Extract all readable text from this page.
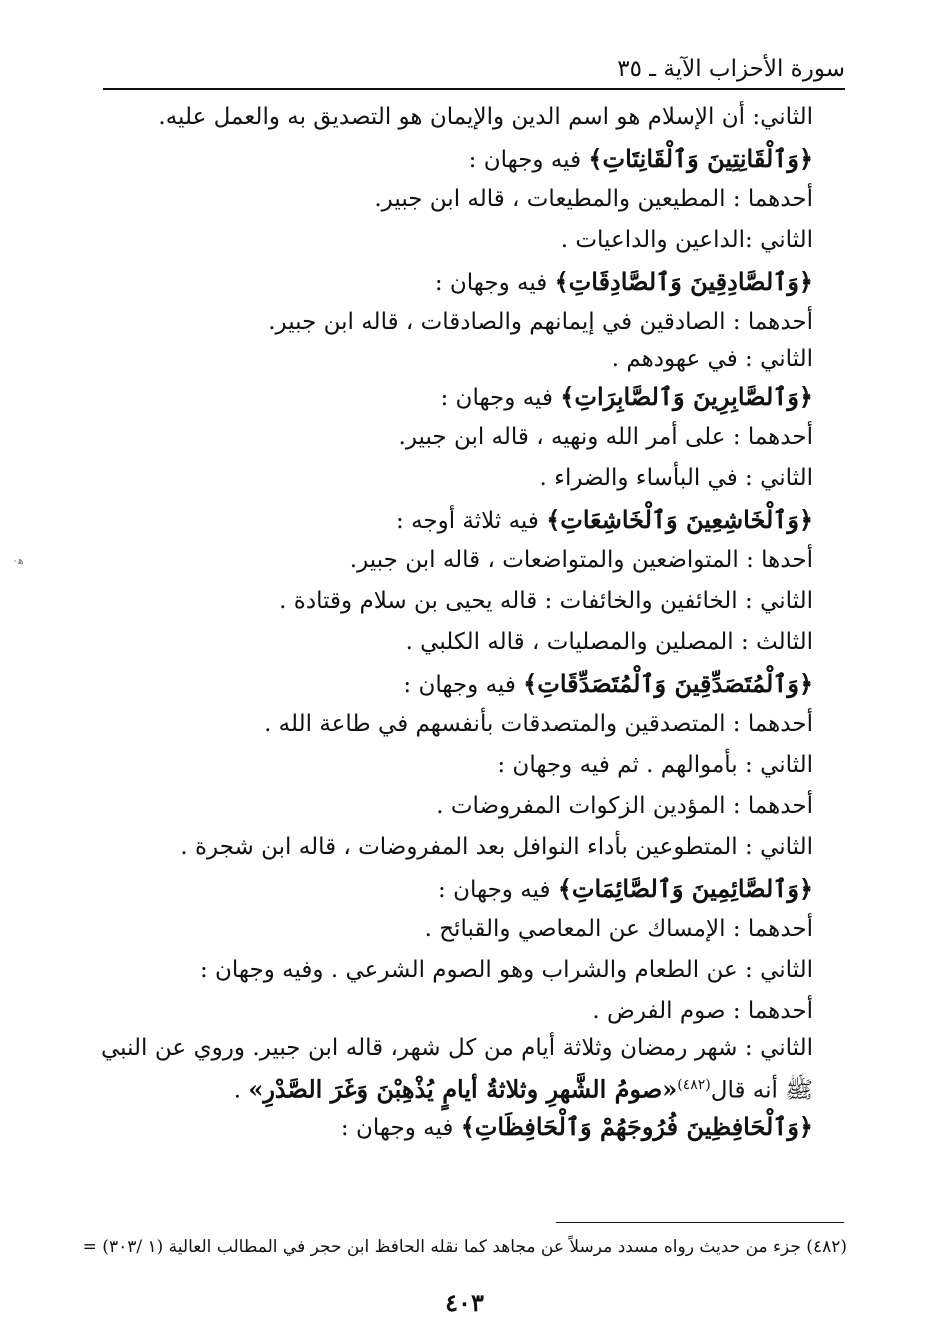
سورة الأحزاب الآية ـ ٣٥
الثاني: أن الإسلام هو اسم الدين والإيمان هو التصديق به والعمل عليه.
﴿وَٱلْقَانِتِينَ وَٱلْقَانِتَاتِ﴾ فيه وجهان :
أحدهما : المطيعين والمطيعات ، قاله ابن جبير.
الثاني :الداعين والداعيات .
﴿وَٱلصَّادِقِينَ وَٱلصَّادِقَاتِ﴾ فيه وجهان :
أحدهما : الصادقين في إيمانهم والصادقات ، قاله ابن جبير.
الثاني : في عهودهم .
﴿وَٱلصَّابِرِينَ وَٱلصَّابِرَاتِ﴾ فيه وجهان :
أحدهما : على أمر الله ونهيه ، قاله ابن جبير.
الثاني : في البأساء والضراء .
﴿وَٱلْخَاشِعِينَ وَٱلْخَاشِعَاتِ﴾ فيه ثلاثة أوجه :
أحدها : المتواضعين والمتواضعات ، قاله ابن جبير.
الثاني : الخائفين والخائفات : قاله يحيى بن سلام وقتادة .
الثالث : المصلين والمصليات ، قاله الكلبي .
﴿وَٱلْمُتَصَدِّقِينَ وَٱلْمُتَصَدِّقَاتِ﴾ فيه وجهان :
أحدهما : المتصدقين والمتصدقات بأنفسهم في طاعة الله .
الثاني : بأموالهم . ثم فيه وجهان :
أحدهما : المؤدين الزكوات المفروضات .
الثاني : المتطوعين بأداء النوافل بعد المفروضات ، قاله ابن شجرة .
﴿وَٱلصَّائِمِينَ وَٱلصَّائِمَاتِ﴾ فيه وجهان :
أحدهما : الإمساك عن المعاصي والقبائح .
الثاني : عن الطعام والشراب وهو الصوم الشرعي . وفيه وجهان :
أحدهما : صوم الفرض .
الثاني : شهر رمضان وثلاثة أيام من كل شهر، قاله ابن جبير. وروي عن النبي
ﷺ أنه قال$^{(٤٨٢)}$«صومُ الشَّهرِ وثلاثةُ أيامٍ يُذْهِبْنَ وَغَرَ الصَّدْرِ» .
﴿وَٱلْحَافِظِينَ فُرُوجَهُمْ وَٱلْحَافِظَاتِ﴾ فيه وجهان :
(٤٨٢) جزء من حديث رواه مسدد مرسلاً عن مجاهد كما نقله الحافظ ابن حجر في المطالب العالية (١ /٣٠٣) =
٤٠٣
ﻫ٠
